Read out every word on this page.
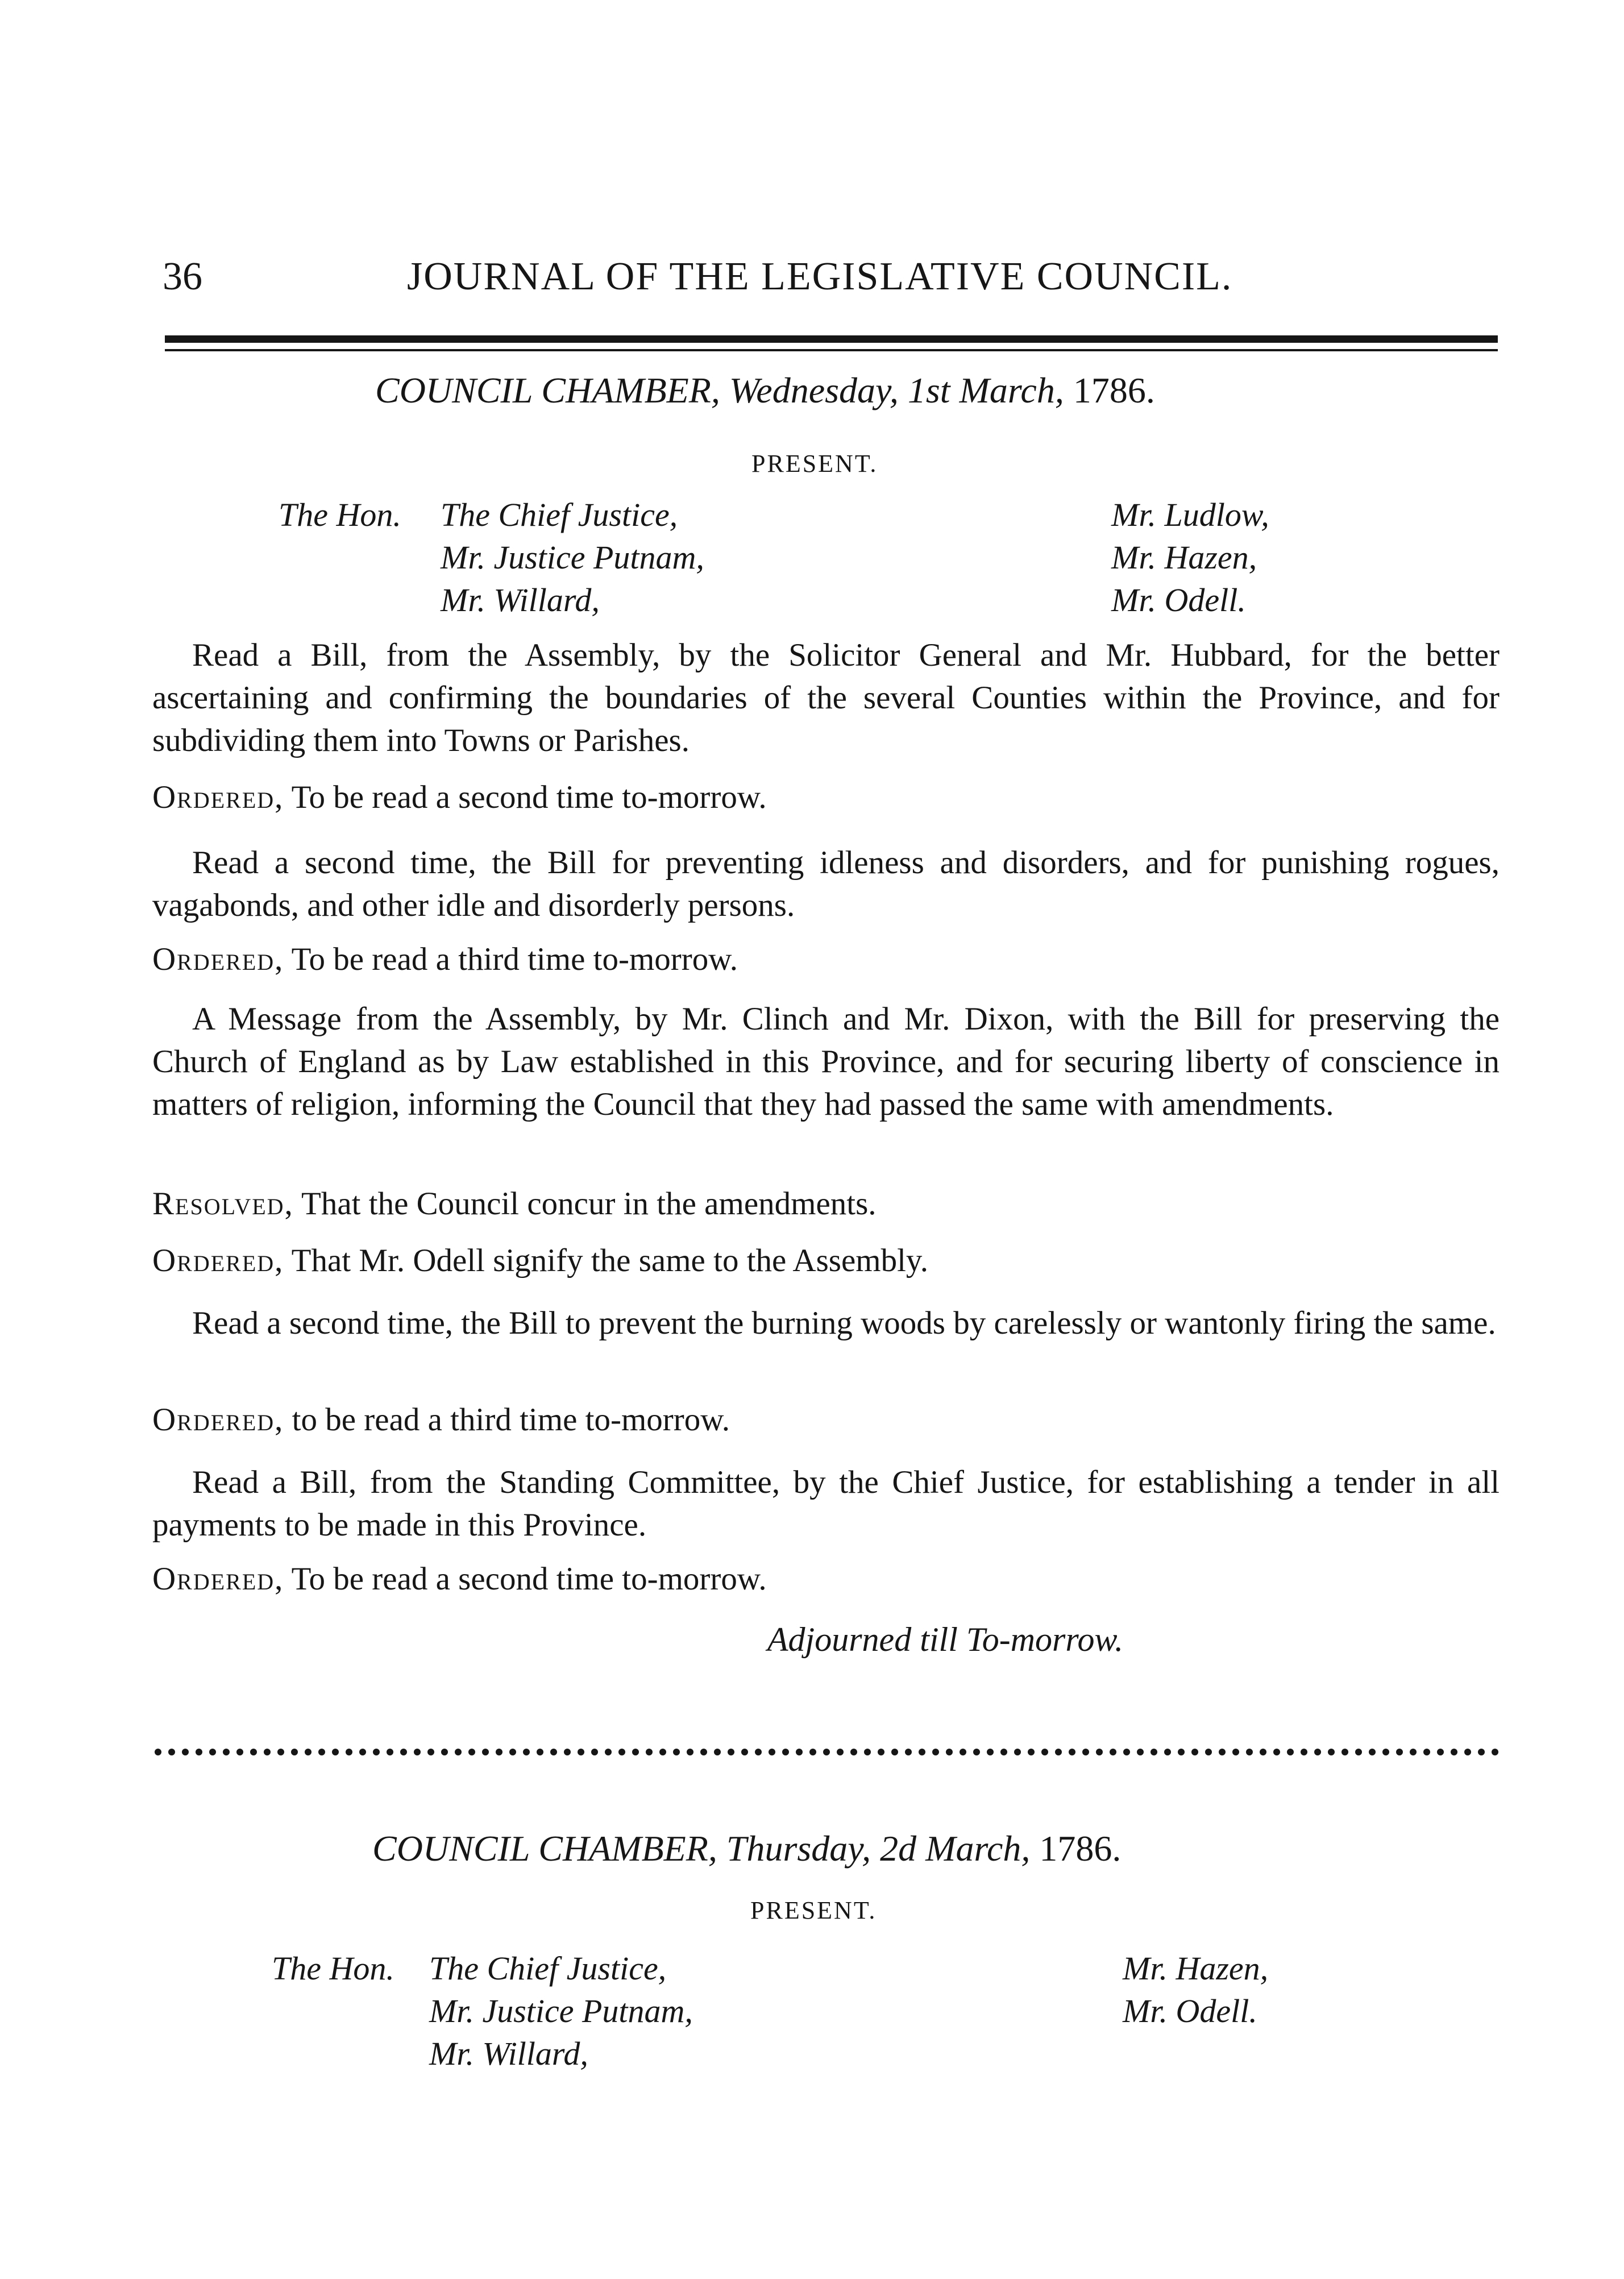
36	JOURNAL OF THE LEGISLATIVE COUNCIL.
COUNCIL CHAMBER, Wednesday, 1st March, 1786.
PRESENT.
The Hon. The Chief Justice,
Mr. Justice Putnam,
Mr. Willard,
Mr. Ludlow,
Mr. Hazen,
Mr. Odell.
Read a Bill, from the Assembly, by the Solicitor General and Mr. Hubbard, for the better ascertaining and confirming the boundaries of the several Counties within the Province, and for subdividing them into Towns or Parishes.
Ordered, To be read a second time to-morrow.
Read a second time, the Bill for preventing idleness and disorders, and for punishing rogues, vagabonds, and other idle and disorderly persons.
Ordered, To be read a third time to-morrow.
A Message from the Assembly, by Mr. Clinch and Mr. Dixon, with the Bill for preserving the Church of England as by Law established in this Province, and for securing liberty of conscience in matters of religion, informing the Council that they had passed the same with amendments.
Resolved, That the Council concur in the amendments.
Ordered, That Mr. Odell signify the same to the Assembly.
Read a second time, the Bill to prevent the burning woods by carelessly or wantonly firing the same.
Ordered, to be read a third time to-morrow.
Read a Bill, from the Standing Committee, by the Chief Justice, for establishing a tender in all payments to be made in this Province.
Ordered, To be read a second time to-morrow.
Adjourned till To-morrow.
COUNCIL CHAMBER, Thursday, 2d March, 1786.
PRESENT.
The Hon. The Chief Justice,
Mr. Justice Putnam,
Mr. Willard,
Mr. Hazen,
Mr. Odell.
